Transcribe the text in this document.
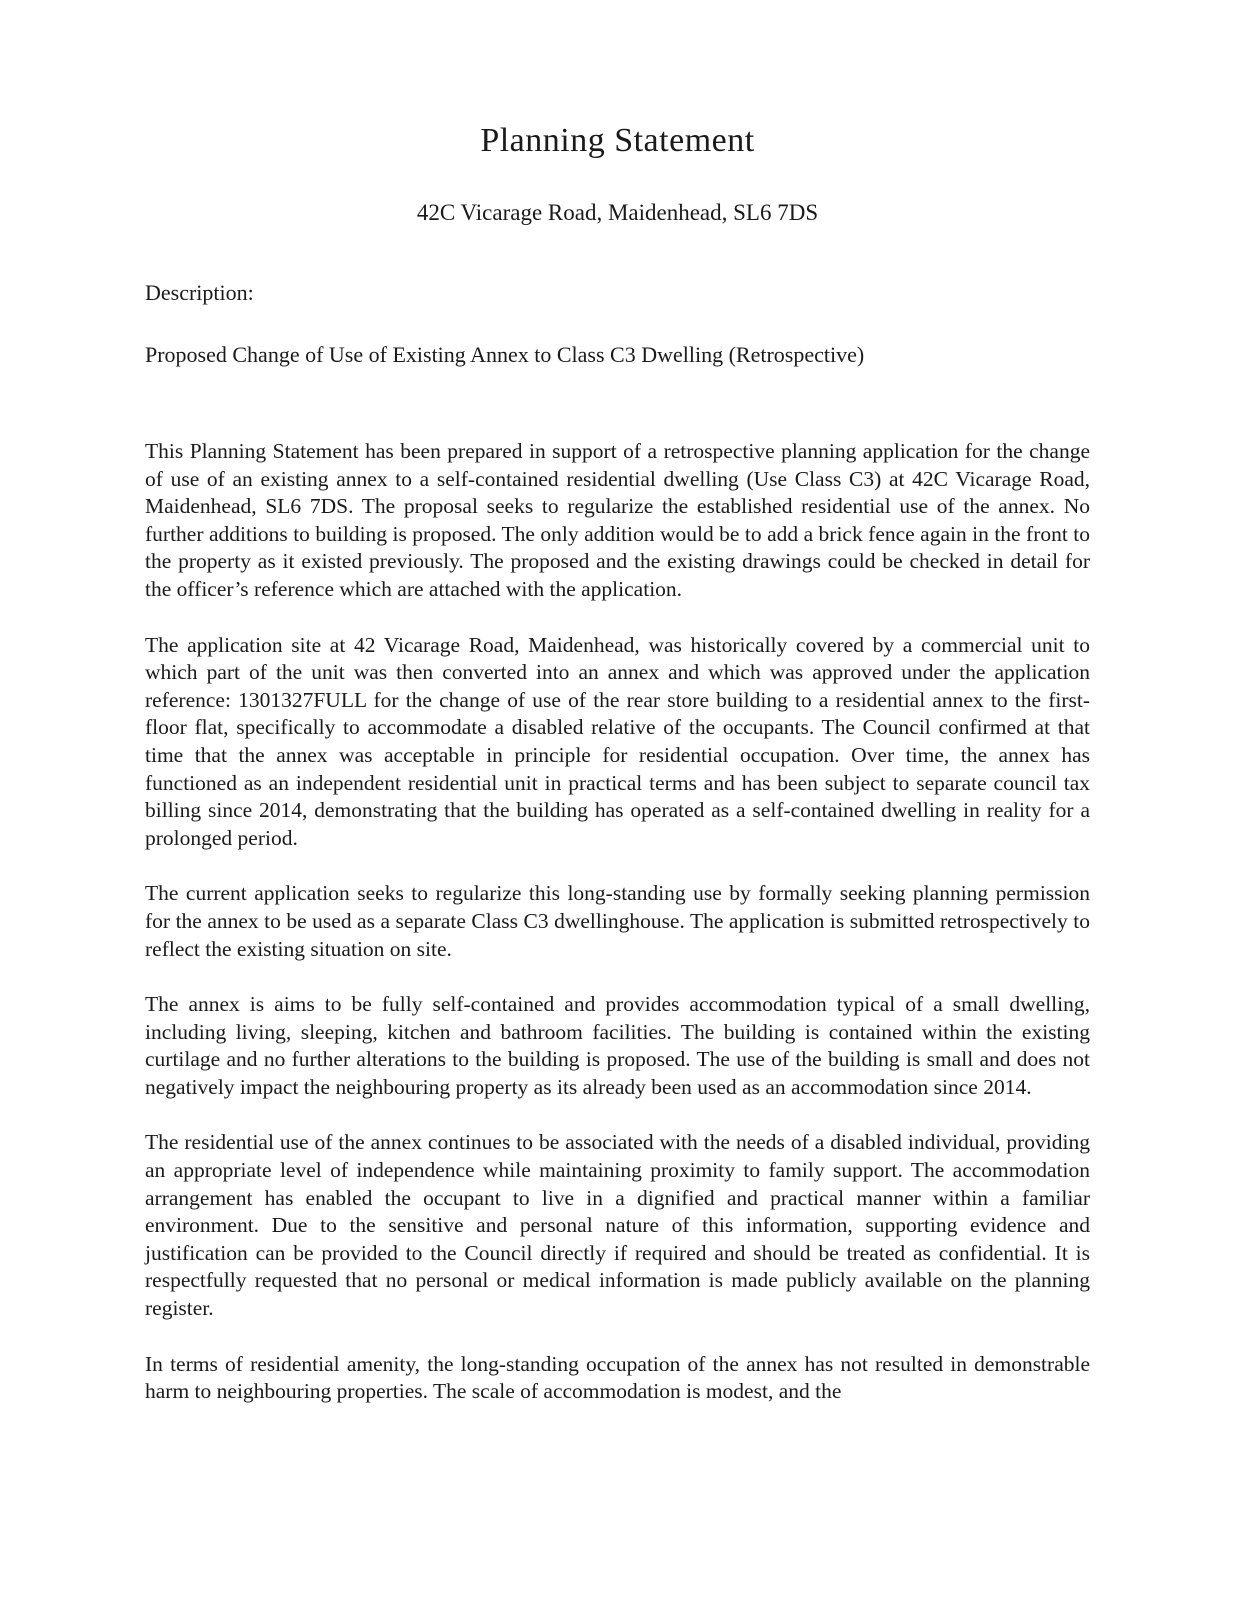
Planning Statement
42C Vicarage Road, Maidenhead, SL6 7DS
Description:
Proposed Change of Use of Existing Annex to Class C3 Dwelling (Retrospective)

This Planning Statement has been prepared in support of a retrospective planning application for the change of use of an existing annex to a self-contained residential dwelling (Use Class C3) at 42C Vicarage Road, Maidenhead, SL6 7DS. The proposal seeks to regularize the established residential use of the annex. No further additions to building is proposed. The only addition would be to add a brick fence again in the front to the property as it existed previously. The proposed and the existing drawings could be checked in detail for the officer’s reference which are attached with the application.

The application site at 42 Vicarage Road, Maidenhead, was historically covered by a commercial unit to which part of the unit was then converted into an annex and which was approved under the application reference: 1301327FULL for the change of use of the rear store building to a residential annex to the first-floor flat, specifically to accommodate a disabled relative of the occupants. The Council confirmed at that time that the annex was acceptable in principle for residential occupation. Over time, the annex has functioned as an independent residential unit in practical terms and has been subject to separate council tax billing since 2014, demonstrating that the building has operated as a self-contained dwelling in reality for a prolonged period.

The current application seeks to regularize this long-standing use by formally seeking planning permission for the annex to be used as a separate Class C3 dwellinghouse. The application is submitted retrospectively to reflect the existing situation on site.

The annex is aims to be fully self-contained and provides accommodation typical of a small dwelling, including living, sleeping, kitchen and bathroom facilities. The building is contained within the existing curtilage and no further alterations to the building is proposed. The use of the building is small and does not negatively impact the neighbouring property as its already been used as an accommodation since 2014.

The residential use of the annex continues to be associated with the needs of a disabled individual, providing an appropriate level of independence while maintaining proximity to family support. The accommodation arrangement has enabled the occupant to live in a dignified and practical manner within a familiar environment. Due to the sensitive and personal nature of this information, supporting evidence and justification can be provided to the Council directly if required and should be treated as confidential. It is respectfully requested that no personal or medical information is made publicly available on the planning register.

In terms of residential amenity, the long-standing occupation of the annex has not resulted in demonstrable harm to neighbouring properties. The scale of accommodation is modest, and the
